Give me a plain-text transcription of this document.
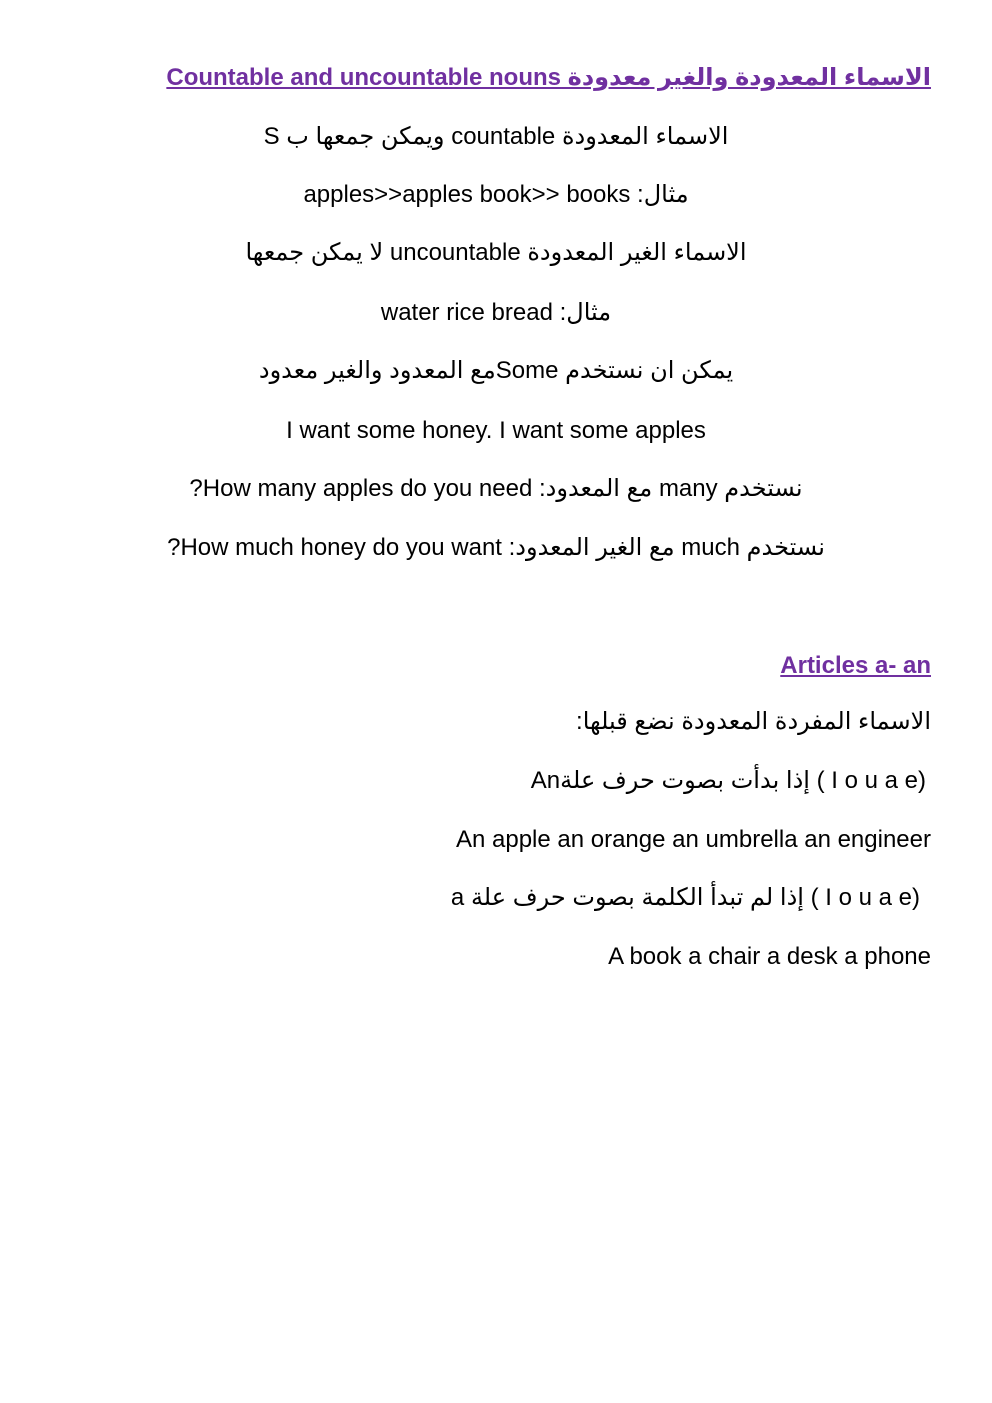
الاسماء المعدودة والغير معدودة Countable and uncountable nouns
الاسماء المعدودة countable ويمكن جمعها ب S
مثال: apples>>apples book>> books
الاسماء الغير المعدودة uncountable لا يمكن جمعها
مثال: water rice bread
يمكن ان نستخدم Someمع المعدود والغير معدود
I want some honey. I want some apples
نستخدم many مع المعدود: How many apples do you need?
نستخدم much مع الغير المعدود: How much honey do you want?
Articles a- an
الاسماء المفردة المعدودة نضع قبلها:
Anإذا بدأت بصوت حرف علة ( I o u a e)
An apple an orange an umbrella an engineer
a إذا لم تبدأ الكلمة بصوت حرف علة ( I o u a e)
A book a chair a desk a phone
